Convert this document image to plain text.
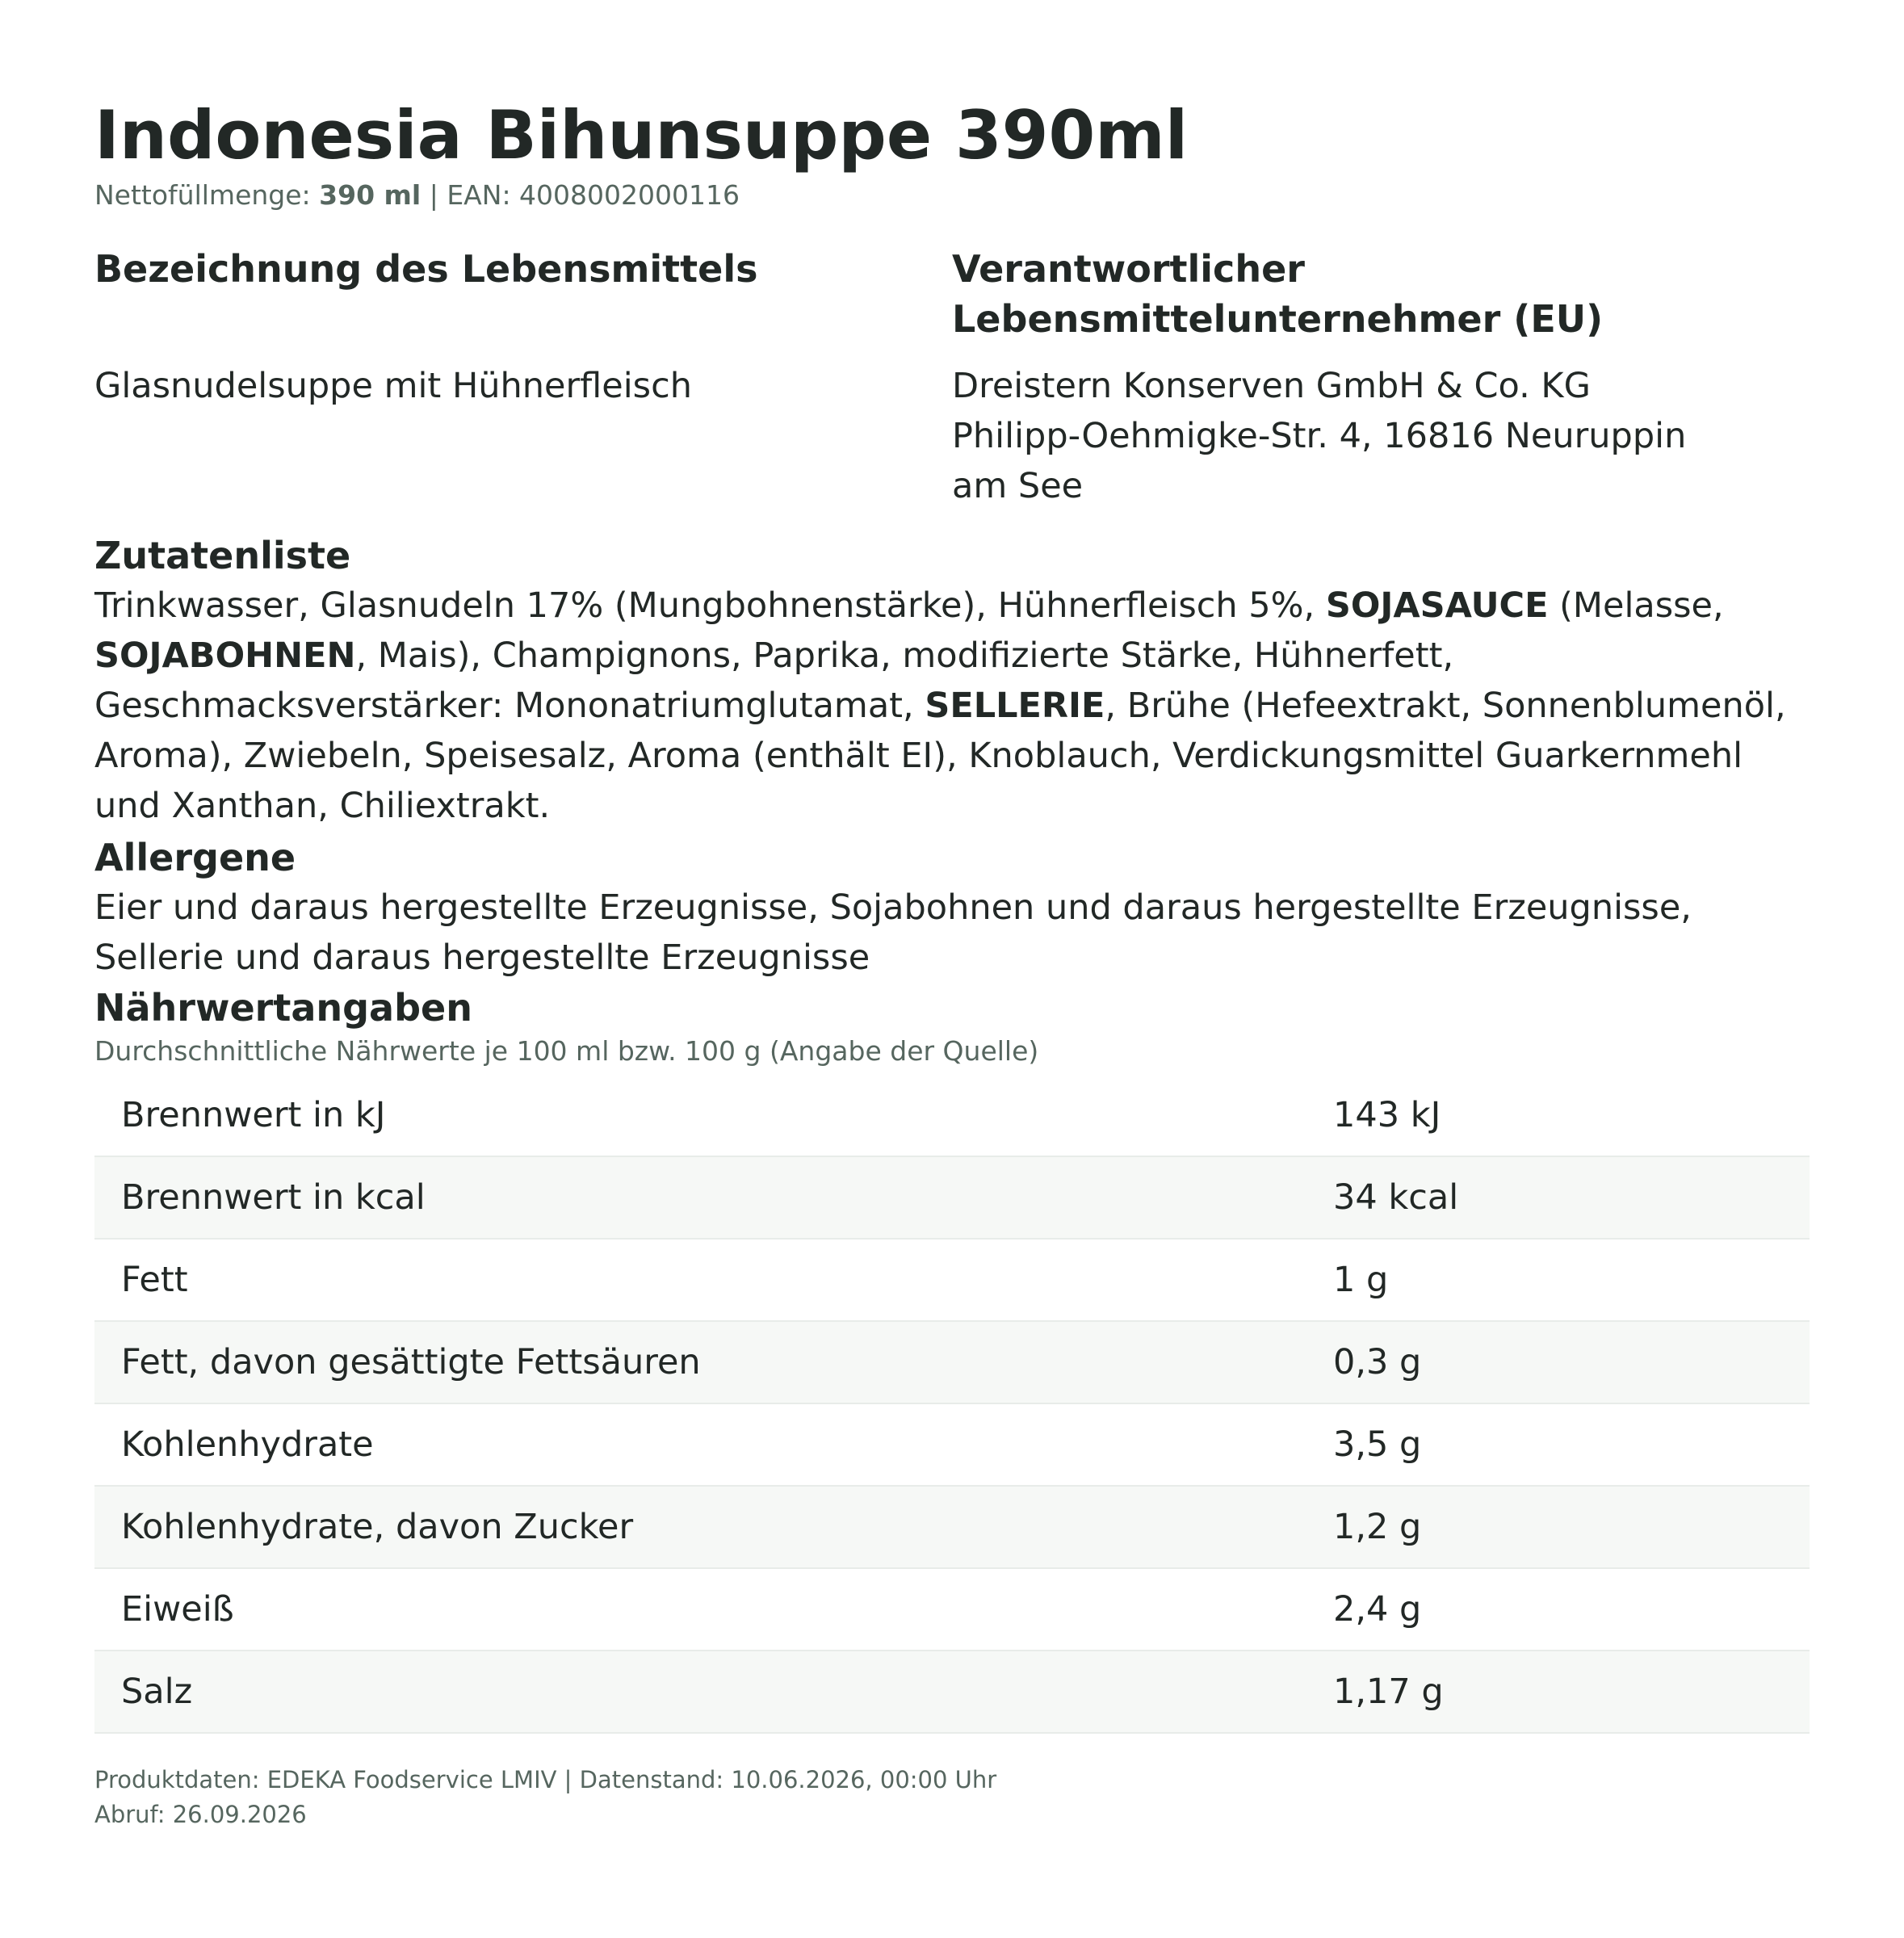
Indonesia Bihunsuppe 390ml
Nettofüllmenge: 390 ml | EAN: 4008002000116
Bezeichnung des Lebensmittels
Glasnudelsuppe mit Hühnerfleisch
Verantwortlicher
Lebensmittelunternehmer (EU)
Dreistern Konserven GmbH & Co. KG
Philipp-Oehmigke-Str. 4, 16816 Neuruppin
am See
Zutatenliste
Trinkwasser, Glasnudeln 17% (Mungbohnenstärke), Hühnerfleisch 5%, SOJASAUCE (Melasse, SOJABOHNEN, Mais), Champignons, Paprika, modifizierte Stärke, Hühnerfett, Geschmacksverstärker: Mononatriumglutamat, SELLERIE, Brühe (Hefeextrakt, Sonnenblumenöl, Aroma), Zwiebeln, Speisesalz, Aroma (enthält EI), Knoblauch, Verdickungsmittel Guarkernmehl und Xanthan, Chiliextrakt.
Allergene
Eier und daraus hergestellte Erzeugnisse, Sojabohnen und daraus hergestellte Erzeugnisse, Sellerie und daraus hergestellte Erzeugnisse
Nährwertangaben
Durchschnittliche Nährwerte je 100 ml bzw. 100 g (Angabe der Quelle)
Brennwert in kJ	143 kJ
Brennwert in kcal	34 kcal
Fett	1 g
Fett, davon gesättigte Fettsäuren	0,3 g
Kohlenhydrate	3,5 g
Kohlenhydrate, davon Zucker	1,2 g
Eiweiß	2,4 g
Salz	1,17 g
Produktdaten: EDEKA Foodservice LMIV | Datenstand: 10.06.2026, 00:00 Uhr
Abruf: 26.09.2026
